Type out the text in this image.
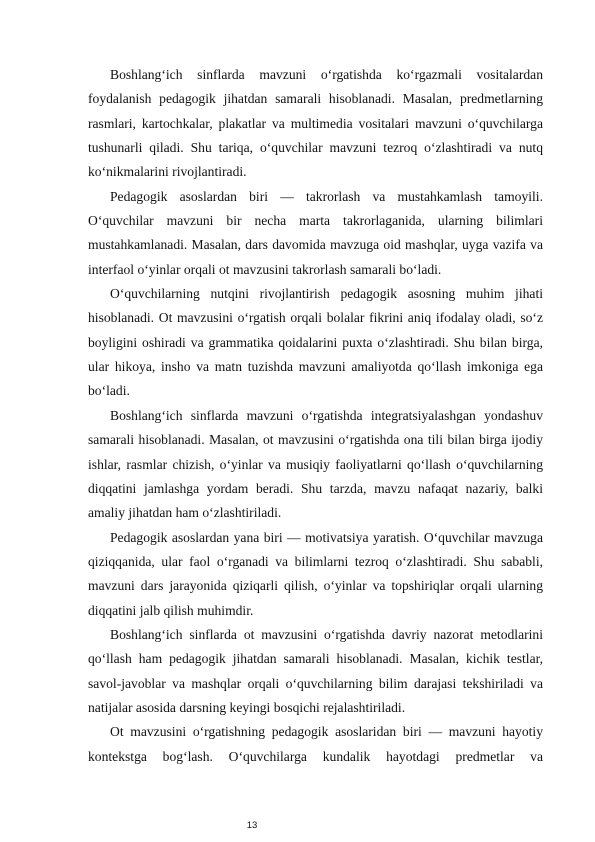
Boshlang‘ich sinflarda mavzuni o‘rgatishda ko‘rgazmali vositalardan foydalanish pedagogik jihatdan samarali hisoblanadi. Masalan, predmetlarning rasmlari, kartochkalar, plakatlar va multimedia vositalari mavzuni o‘quvchilarga tushunarli qiladi. Shu tariqa, o‘quvchilar mavzuni tezroq o‘zlashtiradi va nutq ko‘nikmalarini rivojlantiradi.

Pedagogik asoslardan biri — takrorlash va mustahkamlash tamoyili. O‘quvchilar mavzuni bir necha marta takrorlaganida, ularning bilimlari mustahkamlanadi. Masalan, dars davomida mavzuga oid mashqlar, uyga vazifa va interfaol o‘yinlar orqali ot mavzusini takrorlash samarali bo‘ladi.

O‘quvchilarning nutqini rivojlantirish pedagogik asosning muhim jihati hisoblanadi. Ot mavzusini o‘rgatish orqali bolalar fikrini aniq ifodalay oladi, so‘z boyligini oshiradi va grammatika qoidalarini puxta o‘zlashtiradi. Shu bilan birga, ular hikoya, insho va matn tuzishda mavzuni amaliyotda qo‘llash imkoniga ega bo‘ladi.

Boshlang‘ich sinflarda mavzuni o‘rgatishda integratsiyalashgan yondashuv samarali hisoblanadi. Masalan, ot mavzusini o‘rgatishda ona tili bilan birga ijodiy ishlar, rasmlar chizish, o‘yinlar va musiqiy faoliyatlarni qo‘llash o‘quvchilarning diqqatini jamlashga yordam beradi. Shu tarzda, mavzu nafaqat nazariy, balki amaliy jihatdan ham o‘zlashtiriladi.

Pedagogik asoslardan yana biri — motivatsiya yaratish. O‘quvchilar mavzuga qiziqqanida, ular faol o‘rganadi va bilimlarni tezroq o‘zlashtiradi. Shu sababli, mavzuni dars jarayonida qiziqarli qilish, o‘yinlar va topshiriqlar orqali ularning diqqatini jalb qilish muhimdir.

Boshlang‘ich sinflarda ot mavzusini o‘rgatishda davriy nazorat metodlarini qo‘llash ham pedagogik jihatdan samarali hisoblanadi. Masalan, kichik testlar, savol-javoblar va mashqlar orqali o‘quvchilarning bilim darajasi tekshiriladi va natijalar asosida darsning keyingi bosqichi rejalashtiriladi.

Ot mavzusini o‘rgatishning pedagogik asoslaridan biri — mavzuni hayotiy kontekstga bog‘lash. O‘quvchilarga kundalik hayotdagi predmetlar va

13
